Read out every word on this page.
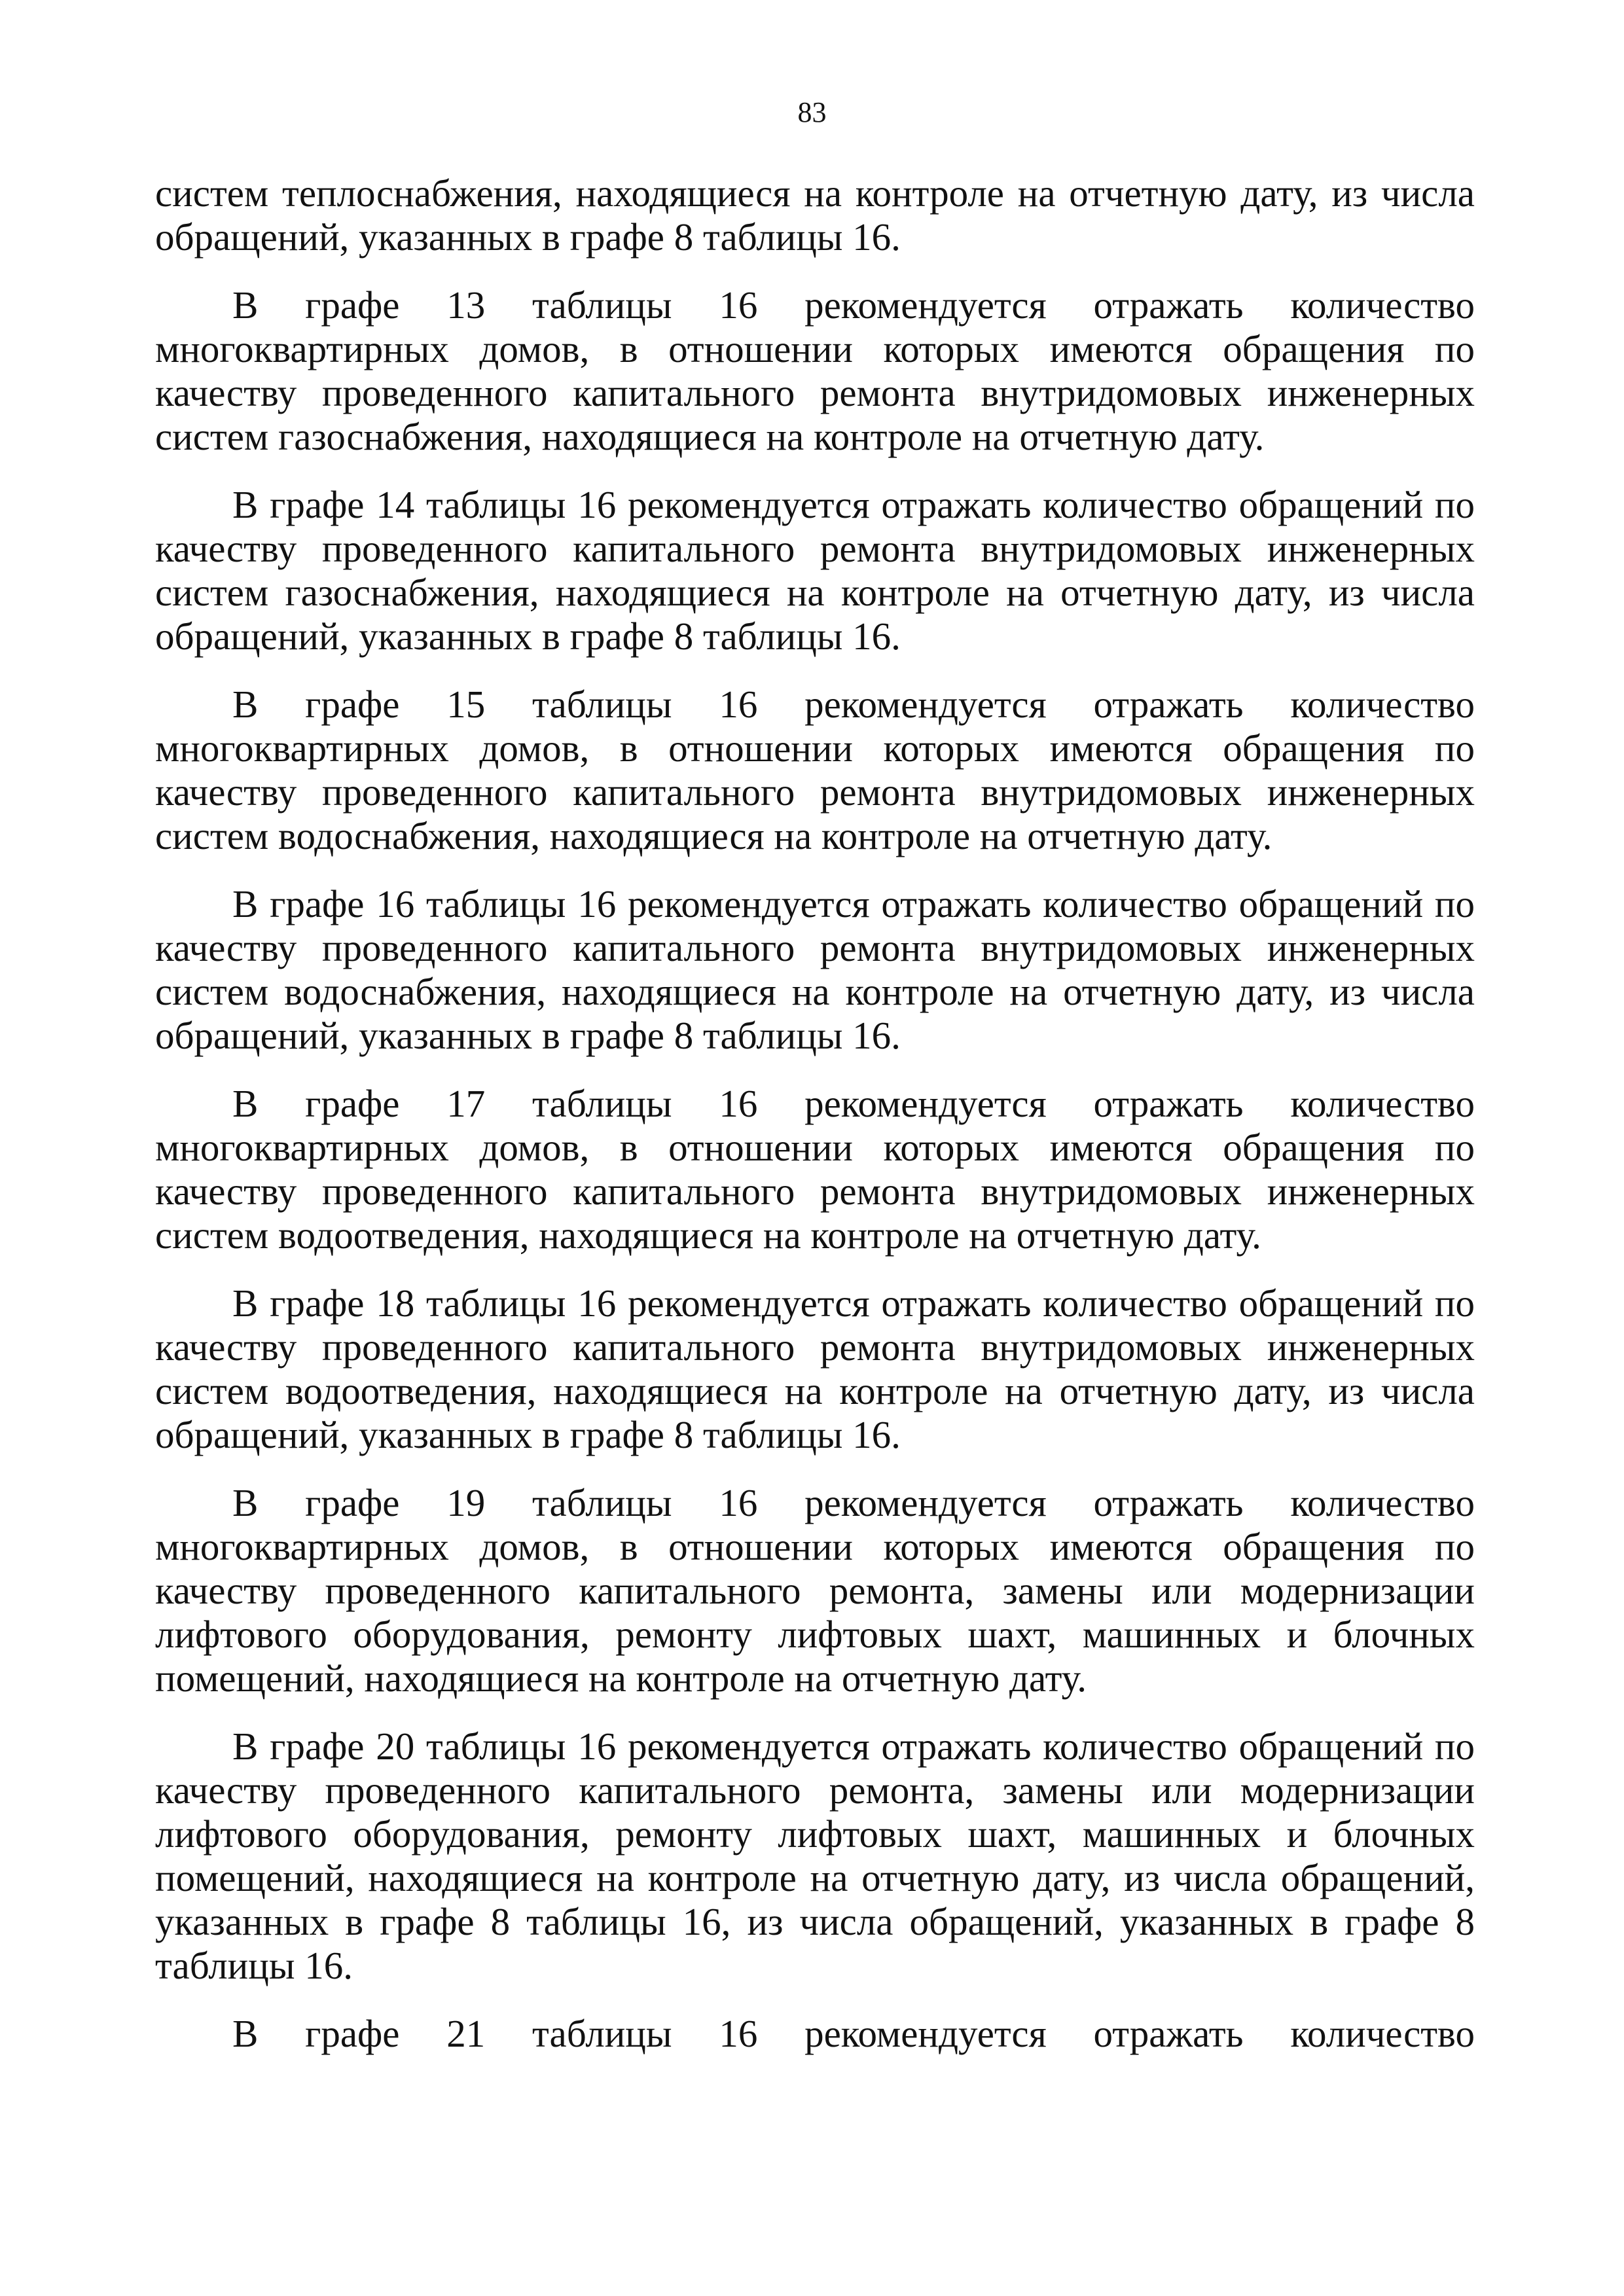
83

систем теплоснабжения, находящиеся на контроле на отчетную дату, из числа обращений, указанных в графе 8 таблицы 16.

В графе 13 таблицы 16 рекомендуется отражать количество многоквартирных домов, в отношении которых имеются обращения по качеству проведенного капитального ремонта внутридомовых инженерных систем газоснабжения, находящиеся на контроле на отчетную дату.

В графе 14 таблицы 16 рекомендуется отражать количество обращений по качеству проведенного капитального ремонта внутридомовых инженерных систем газоснабжения, находящиеся на контроле на отчетную дату, из числа обращений, указанных в графе 8 таблицы 16.

В графе 15 таблицы 16 рекомендуется отражать количество многоквартирных домов, в отношении которых имеются обращения по качеству проведенного капитального ремонта внутридомовых инженерных систем водоснабжения, находящиеся на контроле на отчетную дату.

В графе 16 таблицы 16 рекомендуется отражать количество обращений по качеству проведенного капитального ремонта внутридомовых инженерных систем водоснабжения, находящиеся на контроле на отчетную дату, из числа обращений, указанных в графе 8 таблицы 16.

В графе 17 таблицы 16 рекомендуется отражать количество многоквартирных домов, в отношении которых имеются обращения по качеству проведенного капитального ремонта внутридомовых инженерных систем водоотведения, находящиеся на контроле на отчетную дату.

В графе 18 таблицы 16 рекомендуется отражать количество обращений по качеству проведенного капитального ремонта внутридомовых инженерных систем водоотведения, находящиеся на контроле на отчетную дату, из числа обращений, указанных в графе 8 таблицы 16.

В графе 19 таблицы 16 рекомендуется отражать количество многоквартирных домов, в отношении которых имеются обращения по качеству проведенного капитального ремонта, замены или модернизации лифтового оборудования, ремонту лифтовых шахт, машинных и блочных помещений, находящиеся на контроле на отчетную дату.

В графе 20 таблицы 16 рекомендуется отражать количество обращений по качеству проведенного капитального ремонта, замены или модернизации лифтового оборудования, ремонту лифтовых шахт, машинных и блочных помещений, находящиеся на контроле на отчетную дату, из числа обращений, указанных в графе 8 таблицы 16, из числа обращений, указанных в графе 8 таблицы 16.

В графе 21 таблицы 16 рекомендуется отражать количество
